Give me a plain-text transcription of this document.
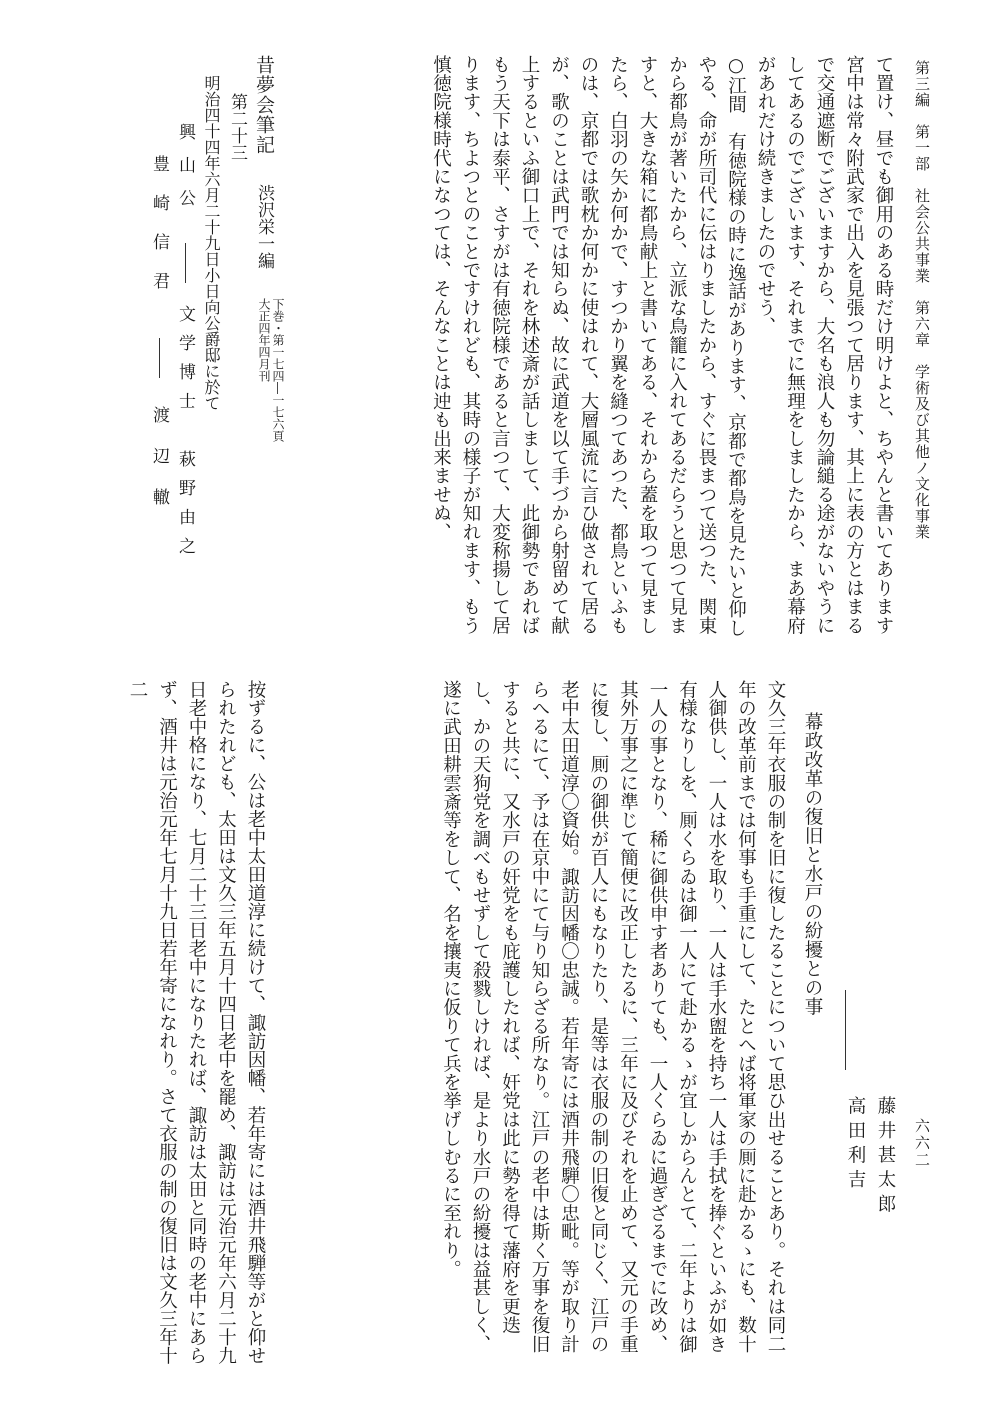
第三編　第一部　社会公共事業　第六章　学術及び其他ノ文化事業
六六二

て置け、昼でも御用のある時だけ明けよと、ちやんと書いてあります宮中は常々附武家で出入を見張つて居ります、其上に表の方とはまるで交通遮断でございますから、大名も浪人も勿論縋る途がないやうにしてあるのでございます、それまでに無理をしましたから、まあ幕府があれだけ続きましたのでせう、

○江間　有徳院様の時に逸話があります、京都で都鳥を見たいと仰しやる、命が所司代に伝はりましたから、すぐに畏まつて送つた、関東から都鳥が著いたから、立派な鳥籠に入れてあるだらうと思つて見ますと、大きな箱に都鳥献上と書いてある、それから蓋を取つて見ましたら、白羽の矢か何かで、すつかり翼を縫つてあつた、都鳥といふものは、京都では歌枕か何かに使はれて、大層風流に言ひ做されて居るが、歌のことは武門では知らぬ、故に武道を以て手づから射留めて献上するといふ御口上で、それを林述斎が話しまして、此御勢であればもう天下は泰平、さすがは有徳院様であると言つて、大変称揚して居ります、ちよつとのことですけれども、其時の様子が知れます、もう慎徳院様時代になつては、そんなことは迚も出来ませぬ、

昔夢会筆記  渋沢栄一編
下巻・第一七四―一七六頁
大正四年四月刊
第二十三
明治四十四年六月二十九日小日向公爵邸に於て
興山公  文学博士　萩野由之
豊崎信君  渡辺轍
藤井甚太郎
高田利吉
幕政改革の復旧と水戸の紛擾との事

文久三年衣服の制を旧に復したることについて思ひ出せることあり。それは同二年の改革前までは何事も手重にして、たとへば将軍家の厠に赴かるゝにも、数十人御供し、一人は水を取り、一人は手水盥を持ち一人は手拭を捧ぐといふが如き有様なりしを、厠くらゐは御一人にて赴かるゝが宜しからんとて、二年よりは御一人の事となり、稀に御供申す者ありても、一人くらゐに過ぎざるまでに改め、其外万事之に準じて簡便に改正したるに、三年に及びそれを止めて、又元の手重に復し、厠の御供が百人にもなりたり、是等は衣服の制の旧復と同じく、江戸の老中太田道淳〇資始。諏訪因幡〇忠誠。若年寄には酒井飛騨〇忠毗。等が取り計らへるにて、予は在京中にて与り知らざる所なり。江戸の老中は斯く万事を復旧すると共に、又水戸の奸党をも庇護したれば、奸党は此に勢を得て藩府を更迭し、かの天狗党を調べもせずして殺戮しければ、是より水戸の紛擾は益甚しく、遂に武田耕雲斎等をして、名を攘夷に仮りて兵を挙げしむるに至れり。

按ずるに、公は老中太田道淳に続けて、諏訪因幡、若年寄には酒井飛騨等がと仰せられたれども、太田は文久三年五月十四日老中を罷め、諏訪は元治元年六月二十九日老中格になり、七月二十三日老中になりたれば、諏訪は太田と同時の老中にあらず、酒井は元治元年七月十九日若年寄になれり。さて衣服の制の復旧は文久三年十二
